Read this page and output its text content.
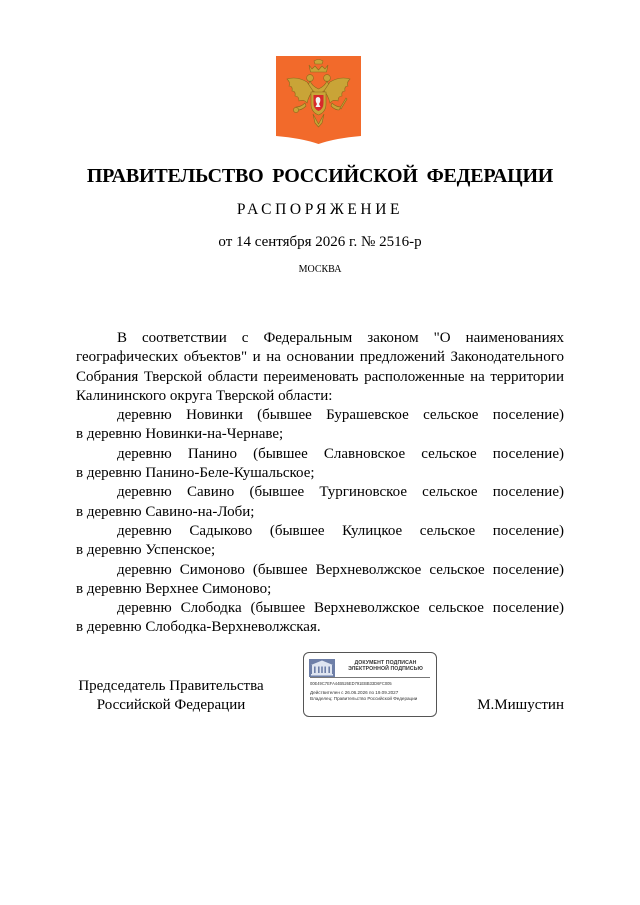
ПРАВИТЕЛЬСТВО РОССИЙСКОЙ ФЕДЕРАЦИИ
РАСПОРЯЖЕНИЕ
от 14 сентября 2026 г. № 2516-р
МОСКВА

В соответствии с Федеральным законом "О наименованиях географических объектов" и на основании предложений Законодательного Собрания Тверской области переименовать расположенные на территории Калининского округа Тверской области:

деревню Новинки (бывшее Бурашевское сельское поселение)

в деревню Новинки-на-Чернаве;

деревню Панино (бывшее Славновское сельское поселение)

в деревню Панино-Беле-Кушальское;

деревню Савино (бывшее Тургиновское сельское поселение)

в деревню Савино-на-Лоби;

деревню Садыково (бывшее Кулицкое сельское поселение)

в деревню Успенское;

деревню Симоново (бывшее Верхневолжское сельское поселение)

в деревню Верхнее Симоново;

деревню Слободка (бывшее Верхневолжское сельское поселение)

в деревню Слободка-Верхневолжская.

Председатель Правительства
Российской Федерации
ДОКУМЕНТ ПОДПИСАН
ЭЛЕКТРОННОЙ ПОДПИСЬЮ
00E49C7EFA44B526ED791EBB33D6FC005
Действителен с 26.06.2026 по 19.09.2027
Владелец: Правительство Российской Федерации	М.Мишустин
